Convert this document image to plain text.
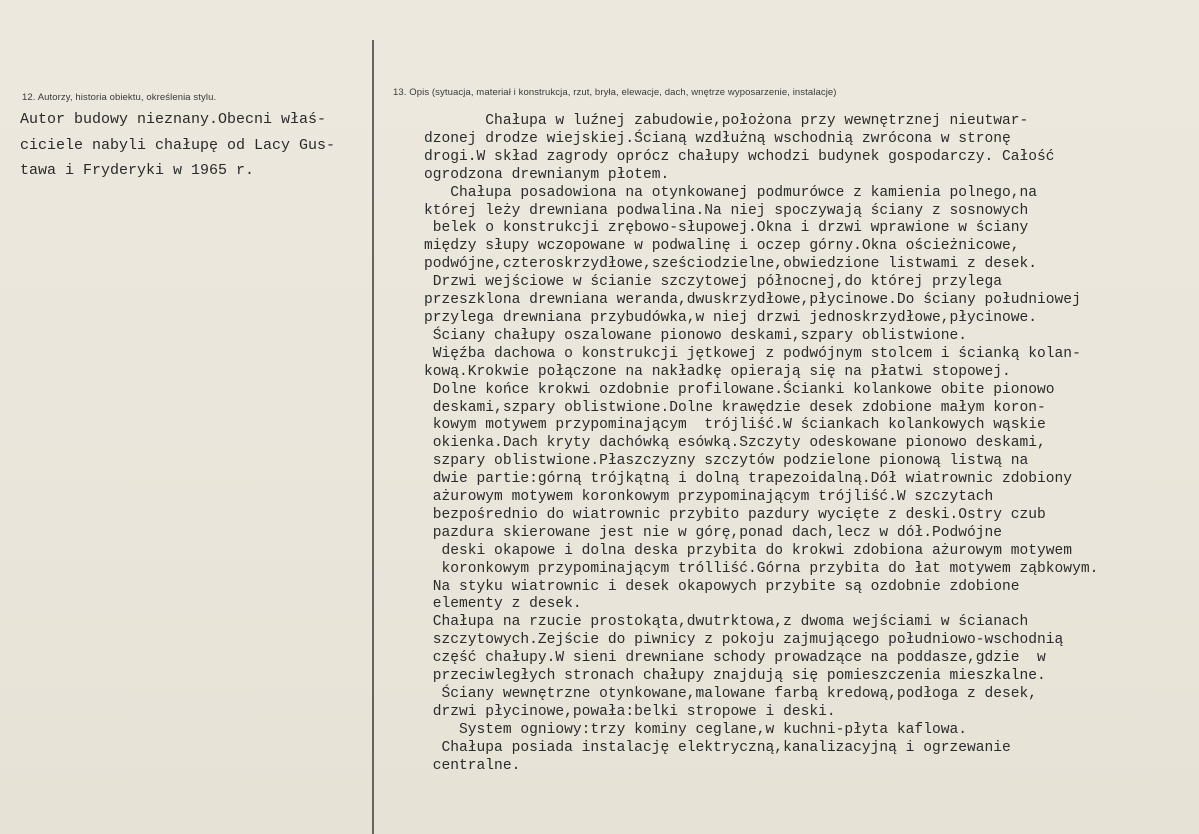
12. Autorzy, historia obiektu, określenia stylu.
Autor budowy nieznany.Obecni właś-
ciciele nabyli chałupę od Lacy Gus-
tawa i Fryderyki w 1965 r.
13. Opis (sytuacja, materiał i konstrukcja, rzut, bryła, elewacje, dach, wnętrze wyposarzenie, instalacje)
Chałupa w luźnej zabudowie,położona przy wewnętrznej nieutwar-
dzonej drodze wiejskiej.Ścianą wzdłużną wschodnią zwrócona w stronę
drogi.W skład zagrody oprócz chałupy wchodzi budynek gospodarczy. Całość
ogrodzona drewnianym płotem.
Chałupa posadowiona na otynkowanej podmurówce z kamienia polnego,na
której leży drewniana podwalina.Na niej spoczywają ściany z sosnowych
belek o konstrukcji zrębowo-słupowej.Okna i drzwi wprawione w ściany
między słupy wczopowane w podwalinę i oczep górny.Okna ościeżnicowe,
podwójne,czteroskrzydłowe,sześciodzielne,obwiedzione listwami z desek.
Drzwi wejściowe w ścianie szczytowej północnej,do której przylega
przeszklona drewniana weranda,dwuskrzydłowe,płycinowe.Do ściany południowej
przylega drewniana przybudówka,w niej drzwi jednoskrzydłowe,płycinowe.
Ściany chałupy oszalowane pionowo deskami,szpary oblistwione.
Więźba dachowa o konstrukcji jętkowej z podwójnym stolcem i ścianką kolan-
kową.Krokwie połączone na nakładkę opierają się na płatwi stopowej.
Dolne końce krokwi ozdobnie profilowane.Ścianki kolankowe obite pionowo
deskami,szpary oblistwione.Dolne krawędzie desek zdobione małym koron-
kowym motywem przypominającym  trójliść.W ściankach kolankowych wąskie
okienka.Dach kryty dachówką esówką.Szczyty odeskowane pionowo deskami,
szpary oblistwione.Płaszczyzny szczytów podzielone pionową listwą na
dwie partie:górną trójkątną i dolną trapezoidalną.Dół wiatrownic zdobiony
ażurowym motywem koronkowym przypominającym trójliść.W szczytach
bezpośrednio do wiatrownic przybito pazdury wycięte z deski.Ostry czub
pazdura skierowane jest nie w górę,ponad dach,lecz w dół.Podwójne
deski okapowe i dolna deska przybita do krokwi zdobiona ażurowym motywem
koronkowym przypominającym trólliść.Górna przybita do łat motywem ząbkowym.
Na styku wiatrownic i desek okapowych przybite są ozdobnie zdobione
elementy z desek.
Chałupa na rzucie prostokąta,dwutrktowa,z dwoma wejściami w ścianach
szczytowych.Zejście do piwnicy z pokoju zajmującego południowo-wschodnią
część chałupy.W sieni drewniane schody prowadzące na poddasze,gdzie  w
przeciwległych stronach chałupy znajdują się pomieszczenia mieszkalne.
Ściany wewnętrzne otynkowane,malowane farbą kredową,podłoga z desek,
drzwi płycinowe,powała:belki stropowe i deski.
System ogniowy:trzy kominy ceglane,w kuchni-płyta kaflowa.
Chałupa posiada instalację elektryczną,kanalizacyjną i ogrzewanie
centralne.
